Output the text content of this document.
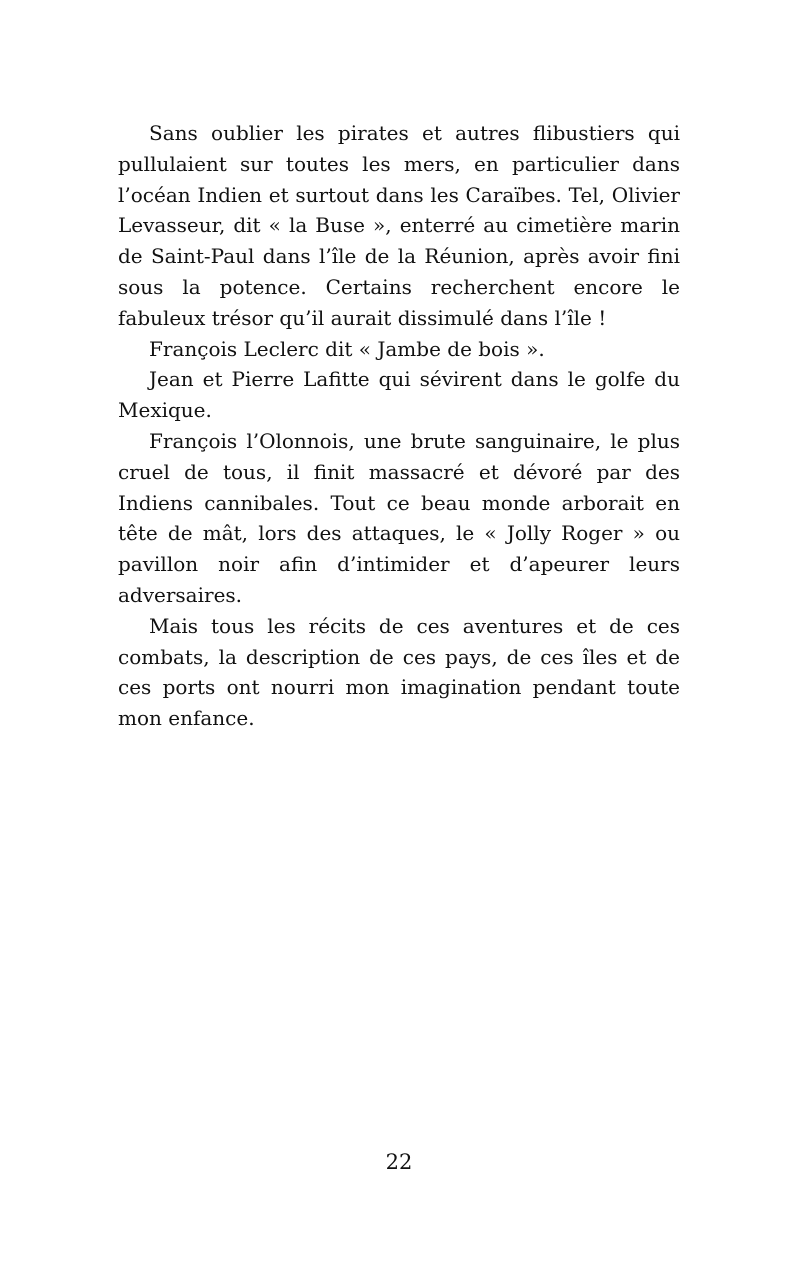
Sans oublier les pirates et autres flibustiers qui pullulaient sur toutes les mers, en particulier dans l’océan Indien et surtout dans les Caraïbes. Tel, Olivier Levasseur, dit « la Buse », enterré au cimetière marin de Saint-Paul dans l’île de la Réunion, après avoir fini sous la potence. Certains recherchent encore le fabuleux trésor qu’il aurait dissimulé dans l’île !

François Leclerc dit « Jambe de bois ».

Jean et Pierre Lafitte qui sévirent dans le golfe du Mexique.

François l’Olonnois, une brute sanguinaire, le plus cruel de tous, il finit massacré et dévoré par des Indiens cannibales. Tout ce beau monde arborait en tête de mât, lors des attaques, le « Jolly Roger » ou pavillon noir afin d’intimider et d’apeurer leurs adversaires.

Mais tous les récits de ces aventures et de ces combats, la description de ces pays, de ces îles et de ces ports ont nourri mon imagination pendant toute mon enfance.

22
